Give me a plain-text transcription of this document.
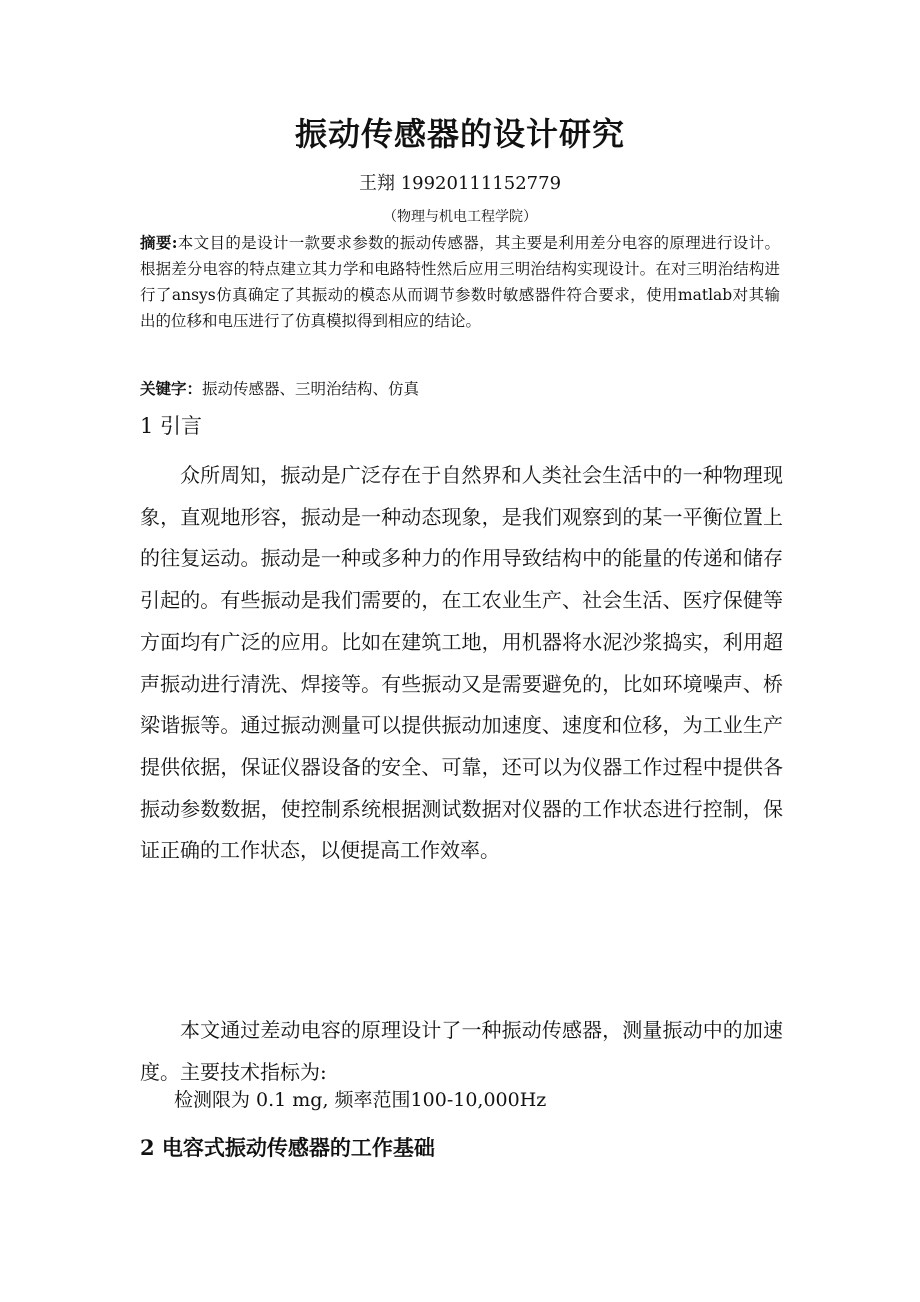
振动传感器的设计研究
王翔 19920111152779
（物理与机电工程学院）
摘要:本文目的是设计一款要求参数的振动传感器，其主要是利用差分电容的原理进行设计。根据差分电容的特点建立其力学和电路特性然后应用三明治结构实现设计。在对三明治结构进行了ansys仿真确定了其振动的模态从而调节参数时敏感器件符合要求，使用matlab对其输出的位移和电压进行了仿真模拟得到相应的结论。
关键字：振动传感器、三明治结构、仿真
1 引言
众所周知，振动是广泛存在于自然界和人类社会生活中的一种物理现象，直观地形容，振动是一种动态现象，是我们观察到的某一平衡位置上的往复运动。振动是一种或多种力的作用导致结构中的能量的传递和储存引起的。有些振动是我们需要的，在工农业生产、社会生活、医疗保健等方面均有广泛的应用。比如在建筑工地，用机器将水泥沙浆捣实，利用超声振动进行清洗、焊接等。有些振动又是需要避免的，比如环境噪声、桥梁谐振等。通过振动测量可以提供振动加速度、速度和位移，为工业生产提供依据，保证仪器设备的安全、可靠，还可以为仪器工作过程中提供各振动参数数据，使控制系统根据测试数据对仪器的工作状态进行控制，保证正确的工作状态，以便提高工作效率。
本文通过差动电容的原理设计了一种振动传感器，测量振动中的加速度。主要技术指标为:
检测限为 0.1 mg, 频率范围100-10,000Hz
2 电容式振动传感器的工作基础
